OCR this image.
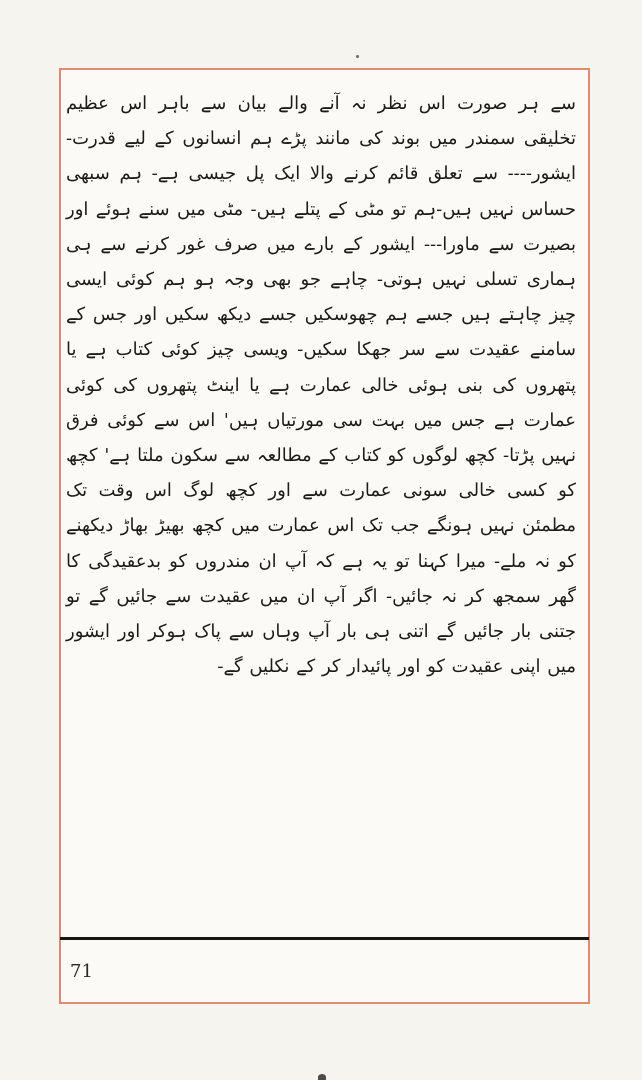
سے ہر صورت اس نظر نہ آنے والے بیان سے باہر اس عظیم تخلیقی سمندر میں بوند کی مانند پڑے ہم انسانوں کے لیے قدرت- ایشور---- سے تعلق قائم کرنے والا ایک پل جیسی ہے- ہم سبھی حساس نہیں ہیں-ہم تو مٹی کے پتلے ہیں- مٹی میں سنے ہوئے اور بصیرت سے ماورا--- ایشور کے بارے میں صرف غور کرنے سے ہی ہماری تسلی نہیں ہوتی- چاہے جو بھی وجہ ہو ہم کوئی ایسی چیز چاہتے ہیں جسے ہم چھوسکیں جسے دیکھ سکیں اور جس کے سامنے عقیدت سے سر جھکا سکیں- ویسی چیز کوئی کتاب ہے یا پتھروں کی بنی ہوئی خالی عمارت ہے یا اینٹ پتھروں کی کوئی عمارت ہے جس میں بہت سی مورتیاں ہیں' اس سے کوئی فرق نہیں پڑتا- کچھ لوگوں کو کتاب کے مطالعہ سے سکون ملتا ہے' کچھ کو کسی خالی سونی عمارت سے اور کچھ لوگ اس وقت تک مطمئن نہیں ہونگے جب تک اس عمارت میں کچھ بھیڑ بھاڑ دیکھنے کو نہ ملے- میرا کہنا تو یہ ہے کہ آپ ان مندروں کو بدعقیدگی کا گھر سمجھ کر نہ جائیں- اگر آپ ان میں عقیدت سے جائیں گے تو جتنی بار جائیں گے اتنی ہی بار آپ وہاں سے پاک ہوکر اور ایشور میں اپنی عقیدت کو اور پائیدار کر کے نکلیں گے-

71
